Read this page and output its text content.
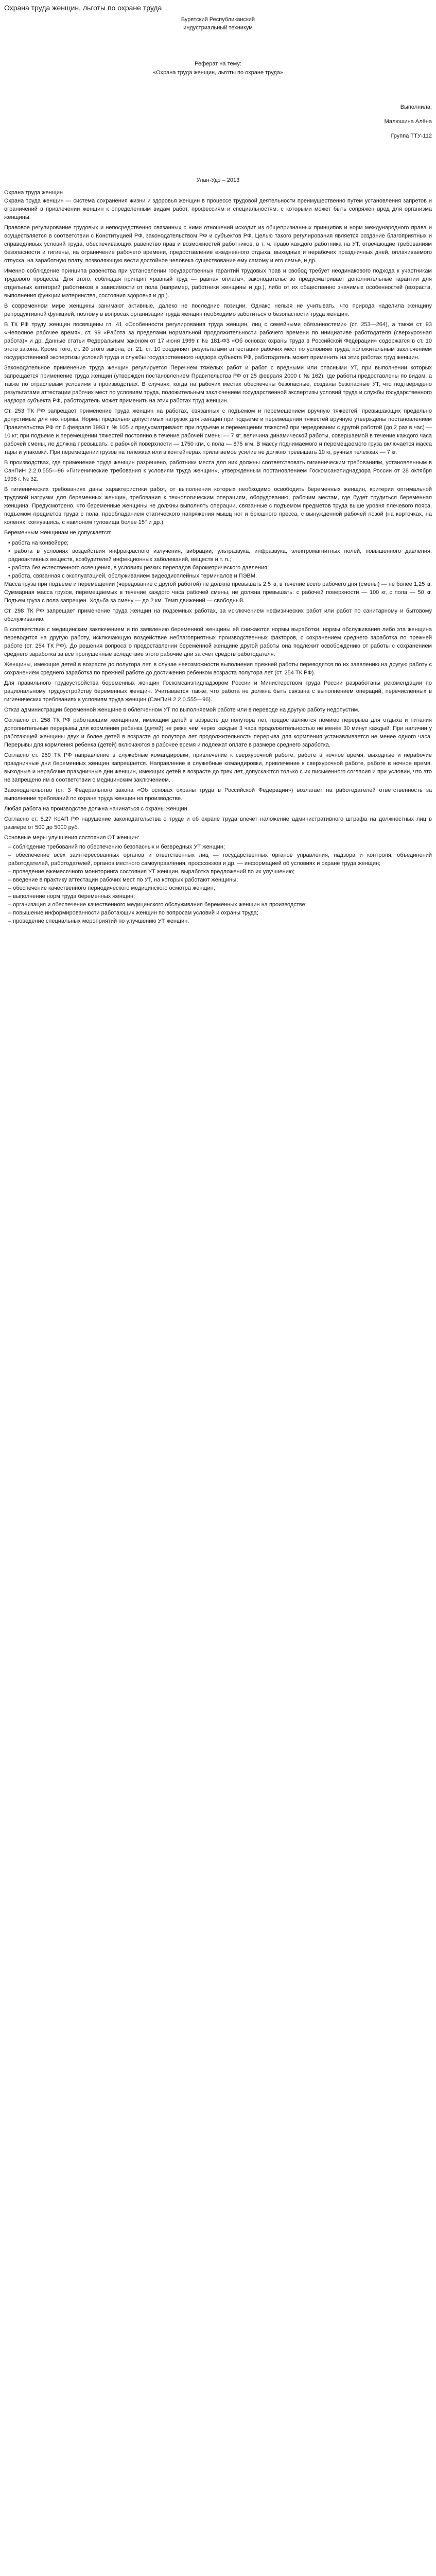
Охрана труда женщин, льготы по охране труда

Бурятский Республиканский

индустриальный техникум

Реферат на тему:

«Охрана труда женщин, льготы по охране труда»

Выполнила:

Малюшина Алёна

Группа ТТУ-112

Улан-Удэ – 2013
Охрана труда женщин

Охрана труда женщин — система сохранения жизни и здоровья женщин в процессе трудовой деятельности преимущественно путем установления запретов и ограничений в привлечении женщин к определенным видам работ, профессиям и специальностям, с которыми может быть сопряжен вред для организма женщины.

Правовое регулирование трудовых и непосредственно связанных с ними отношений исходит из общепризнанных принципов и норм международного права и осуществляется в соответствии с Конституцией РФ, законодательством РФ и субъектов РФ. Целью такого регулирования является создание благоприятных и справедливых условий труда, обеспечивающих равенство прав и возможностей работников, в т. ч. право каждого работника на УТ, отвечающие требованиям безопасности и гигиены, на ограничение рабочего времени, предоставление ежедневного отдыха, выходных и нерабочих праздничных дней, оплачиваемого отпуска, на заработную плату, позволяющую вести достойное человека существование ему самому и его семье, и др.

Именно соблюдение принципа равенства при установлении государственных гарантий трудовых прав и свобод требует неодинакового подхода к участникам трудового процесса. Для этого, соблюдая принцип «равный труд — равная оплата», законодательство предусматривает дополнительные гарантии для отдельных категорий работников в зависимости от пола (например, работники женщины и др.), либо от их общественно значимых особенностей (возраста, выполнения функции материнства, состояния здоровья и др.).

В современном мире женщины занимают активные, далеко не последние позиции. Однако нельзя не учитывать, что природа наделила женщину репродуктивной функцией, поэтому в вопросах организации труда женщин необходимо заботиться о безопасности труда женщин.

В ТК РФ труду женщин посвящены гл. 41 «Особенности регулирования труда женщин, лиц с семейными обязанностями» (ст. 253—264), а также ст. 93 «Неполное рабочее время», ст. 99 «Работа за пределами нормальной продолжительности рабочего времени по инициативе работодателя (сверхурочная работа)» и др. Данные статьи Федеральным законом от 17 июня 1999 г. № 181-ФЗ «Об основах охраны труда в Российской Федерации» содержатся в ст. 10 этого закона. Кроме того, ст. 20 этого закона, ст. 21, ст. 10 соединяет результатами аттестации рабочих мест по условиям труда, положительным заключением государственной экспертизы условий труда и службы государственного надзора субъекта РФ, работодатель может применить на этих работах труд женщин.

Законодательное применение труда женщин регулируется Перечнем тяжелых работ и работ с вредными или опасными УТ, при выполнении которых запрещается применение труда женщин (утвержден постановлением Правительства РФ от 25 февраля 2000 г. № 162), где работы предоставлены по видам, а также по отраслевым условиям в производствах. В случаях, когда на рабочих местах обеспечены безопасные, созданы безопасные УТ, что подтверждено результатами аттестации рабочих мест по условиям труда, положительным заключением государственной экспертизы условий труда и службы государственного надзора субъекта РФ, работодатель может применить на этих работах труд женщин.

Ст. 253 ТК РФ запрещает применение труда женщин на работах, связанных с подъемом и перемещением вручную тяжестей, превышающих предельно допустимые для них нормы. Нормы предельно допустимых нагрузок для женщин при подъеме и перемещении тяжестей вручную утверждены постановлением Правительства РФ от 6 февраля 1993 г. № 105 и предусматривают: при подъеме и перемещении тяжестей при чередовании с другой работой (до 2 раз в час) — 10 кг; при подъеме и перемещении тяжестей постоянно в течение рабочей смены — 7 кг; величина динамической работы, совершаемой в течение каждого часа рабочей смены, не должна превышать: с рабочей поверхности — 1750 кгм, с пола — 875 кгм. В массу поднимаемого и перемещаемого груза включается масса тары и упаковки. При перемещении грузов на тележках или в контейнерах прилагаемое усилие не должно превышать 10 кг, ручных тележках — 7 кг.

В производствах, где применение труда женщин разрешено, работники места для них должны соответствовать гигиеническим требованиям, установленным в СанПиН 2.2.0.555—96 «Гигиенические требования к условиям труда женщин», утвержденным постановлением Госкомсанэпиднадзора России от 28 октября 1996 г. № 32.

В гигиенических требованиях даны характеристики работ, от выполнения которых необходимо освободить беременных женщин, критерии оптимальной трудовой нагрузки для беременных женщин, требования к технологическим операциям, оборудованию, рабочим местам, где будет трудиться беременная женщина. Предусмотрено, что беременные женщины не должны выполнять операции, связанные с подъемом предметов труда выше уровня плечевого пояса, подъемом предметов труда с пола, преобладанием статического напряжения мышц ног и брюшного пресса, с вынужденной рабочей позой (на корточках, на коленях, согнувшись, с наклоном туловища более 15° и др.).

Беременным женщинам не допускается:

• работа на конвейере;

• работа в условиях воздействия инфракрасного излучения, вибрации, ультразвука, инфразвука, электромагнитных полей, повышенного давления, радиоактивных веществ, возбудителей инфекционных заболеваний, веществ и т. п.;

• работа без естественного освещения, в условиях резких перепадов барометрического давления;

• работа, связанная с эксплуатацией, обслуживанием видеодисплейных терминалов и ПЭВМ.

Масса груза при подъеме и перемещении (чередование с другой работой) не должна превышать 2,5 кг, в течение всего рабочего дня (смены) — не более 1,25 кг. Суммарная масса грузов, перемещаемых в течение каждого часа рабочей смены, не должна превышать: с рабочей поверхности — 100 кг, с пола — 50 кг. Подъем груза с пола запрещен. Ходьба за смену — до 2 км. Темп движений — свободный.

Ст. 298 ТК РФ запрещает применение труда женщин на подземных работах, за исключением нефизических работ или работ по санитарному и бытовому обслуживанию.

В соответствии с медицинским заключением и по заявлению беременной женщины ей снижаются нормы выработки, нормы обслуживания либо эта женщина переводится на другую работу, исключающую воздействие неблагоприятных производственных факторов, с сохранением среднего заработка по прежней работе (ст. 254 ТК РФ). До решения вопроса о предоставлении беременной женщине другой работы она подлежит освобождению от работы с сохранением среднего заработка за все пропущенные вследствие этого рабочие дни за счет средств работодателя.

Женщины, имеющие детей в возрасте до полутора лет, в случае невозможности выполнения прежней работы переводятся по их заявлению на другую работу с сохранением среднего заработка по прежней работе до достижения ребенком возраста полутора лет (ст. 254 ТК РФ).

Для правильного трудоустройства беременных женщин Госкомсанэпиднадзором России и Министерством труда России разработаны рекомендации по рациональному трудоустройству беременных женщин. Учитывается также, что работа не должна быть связана с выполнением операций, перечисленных в гигиенических требованиях к условиям труда женщин (СанПиН 2.2.0.555—96).

Отказ администрации беременной женщине в облегченном УТ по выполняемой работе или в переводе на другую работу недопустим.

Согласно ст. 258 ТК РФ работающим женщинам, имеющим детей в возрасте до полутора лет, предоставляются помимо перерыва для отдыха и питания дополнительные перерывы для кормления ребенка (детей) не реже чем через каждые 3 часа продолжительностью не менее 30 минут каждый. При наличии у работающей женщины двух и более детей в возрасте до полутора лет продолжительность перерыва для кормления устанавливается не менее одного часа. Перерывы для кормления ребенка (детей) включаются в рабочее время и подлежат оплате в размере среднего заработка.

Согласно ст. 259 ТК РФ направление в служебные командировки, привлечение к сверхурочной работе, работе в ночное время, выходные и нерабочие праздничные дни беременных женщин запрещается. Направление в служебные командировки, привлечение к сверхурочной работе, работе в ночное время, выходные и нерабочие праздничные дни женщин, имеющих детей в возрасте до трех лет, допускаются только с их письменного согласия и при условии, что это не запрещено им в соответствии с медицинским заключением.

Законодательство (ст. 3 Федерального закона «Об основах охраны труда в Российской Федерации») возлагает на работодателей ответственность за выполнение требований по охране труда женщин на производстве.

Любая работа на производстве должна начинаться с охраны женщин.

Согласно ст. 5.27 КоАП РФ нарушение законодательства о труде и об охране труда влечет наложение административного штрафа на должностных лиц в размере от 500 до 5000 руб.

Основные меры улучшения состояния ОТ женщин:

– соблюдение требований по обеспечению безопасных и безвредных УТ женщин;

– обеспечение всех заинтересованных органов и ответственных лиц — государственных органов управления, надзора и контроля, объединений работодателей, работодателей, органов местного самоуправления, профсоюзов и др. — информацией об условиях и охране труда женщин;

– проведение ежемесячного мониторинга состояния УТ женщин, выработка предложений по их улучшению;

– введение в практику аттестации рабочих мест по УТ, на которых работают женщины;

– обеспечение качественного периодического медицинского осмотра женщин;

– выполнение норм труда беременных женщин;

– организация и обеспечение качественного медицинского обслуживания беременных женщин на производстве;

– повышение информированности работающих женщин по вопросам условий и охраны труда;

– проведение специальных мероприятий по улучшению УТ женщин.
